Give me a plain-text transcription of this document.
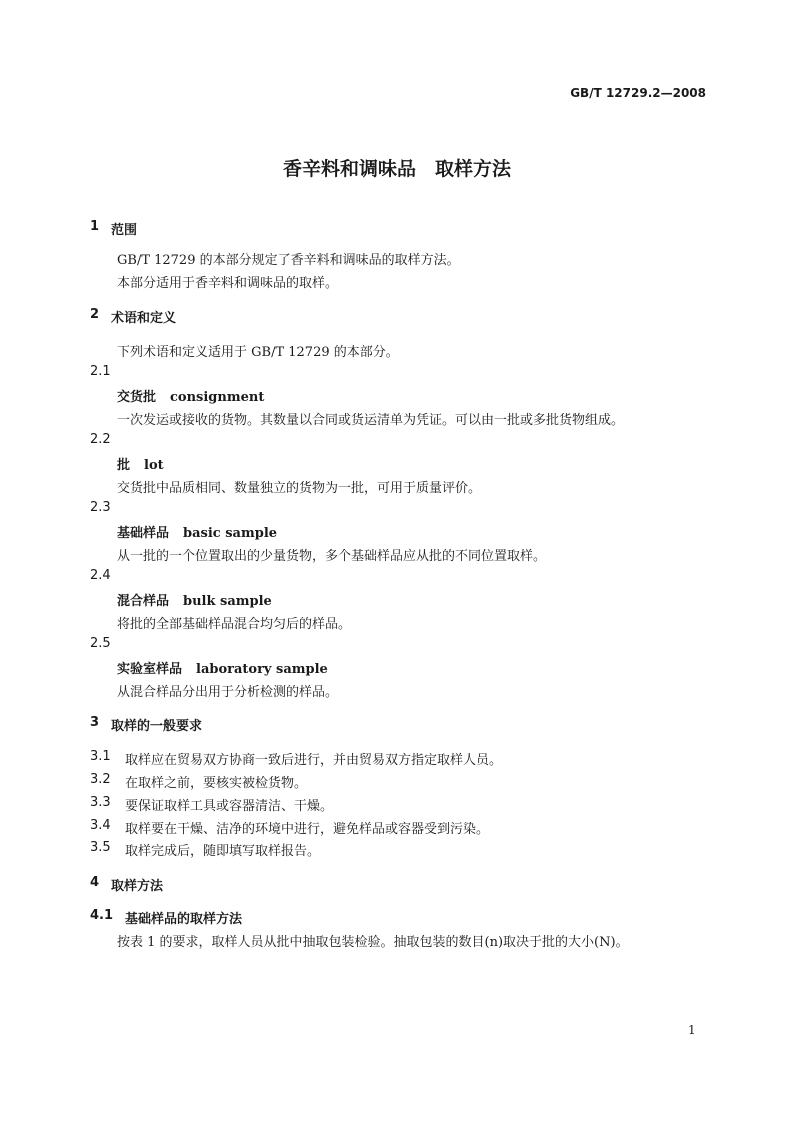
GB/T 12729.2—2008
香辛料和调味品　取样方法
1 范围
GB/T 12729 的本部分规定了香辛料和调味品的取样方法。
本部分适用于香辛料和调味品的取样。
2 术语和定义
下列术语和定义适用于 GB/T 12729 的本部分。
2.1
交货批 consignment
一次发运或接收的货物。其数量以合同或货运清单为凭证。可以由一批或多批货物组成。
2.2
批 lot
交货批中品质相同、数量独立的货物为一批，可用于质量评价。
2.3
基础样品 basic sample
从一批的一个位置取出的少量货物，多个基础样品应从批的不同位置取样。
2.4
混合样品 bulk sample
将批的全部基础样品混合均匀后的样品。
2.5
实验室样品 laboratory sample
从混合样品分出用于分析检测的样品。
3 取样的一般要求
3.1 取样应在贸易双方协商一致后进行，并由贸易双方指定取样人员。
3.2 在取样之前，要核实被检货物。
3.3 要保证取样工具或容器清洁、干燥。
3.4 取样要在干燥、洁净的环境中进行，避免样品或容器受到污染。
3.5 取样完成后，随即填写取样报告。
4 取样方法
4.1 基础样品的取样方法
按表 1 的要求，取样人员从批中抽取包装检验。抽取包装的数目(n)取决于批的大小(N)。
1
